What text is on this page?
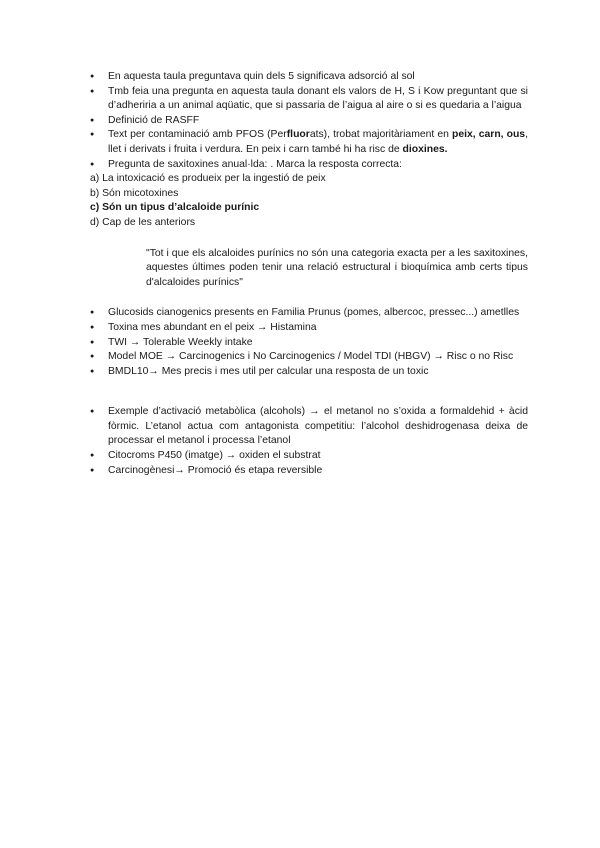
● En aquesta taula preguntava quin dels 5 significava adsorció al sol
● Tmb feia una pregunta en aquesta taula donant els valors de H, S i Kow preguntant que si d’adheriria a un animal aqüatic, que si passaria de l’aigua al aire o si es quedaria a l’aigua
● Definició de RASFF
● Text per contaminació amb PFOS (Perfluorats), trobat majoritàriament en peix, carn, ous, llet i derivats i fruita i verdura. En peix i carn també hi ha risc de dioxines.
● Pregunta de saxitoxines anual·lda: . Marca la resposta correcta:
a) La intoxicació es produeix per la ingestió de peix
b) Són micotoxines
c) Són un tipus d’alcaloide purínic
d) Cap de les anteriors
"Tot i que els alcaloides purínics no són una categoria exacta per a les saxitoxines, aquestes últimes poden tenir una relació estructural i bioquímica amb certs tipus d'alcaloides purínics"
● Glucosids cianogenics presents en Familia Prunus (pomes, albercoc, pressec...) ametlles
● Toxina mes abundant en el peix → Histamina
● TWI → Tolerable Weekly intake
● Model MOE → Carcinogenics i No Carcinogenics / Model TDI (HBGV) → Risc o no Risc
● BMDL10→ Mes precis i mes util per calcular una resposta de un toxic
● Exemple d’activació metabòlica (alcohols) → el metanol no s’oxida a formaldehid + àcid fòrmic. L’etanol actua com antagonista competitiu: l’alcohol deshidrogenasa deixa de processar el metanol i processa l’etanol
● Citocroms P450 (imatge) → oxiden el substrat
● Carcinogènesi→ Promoció és etapa reversible
